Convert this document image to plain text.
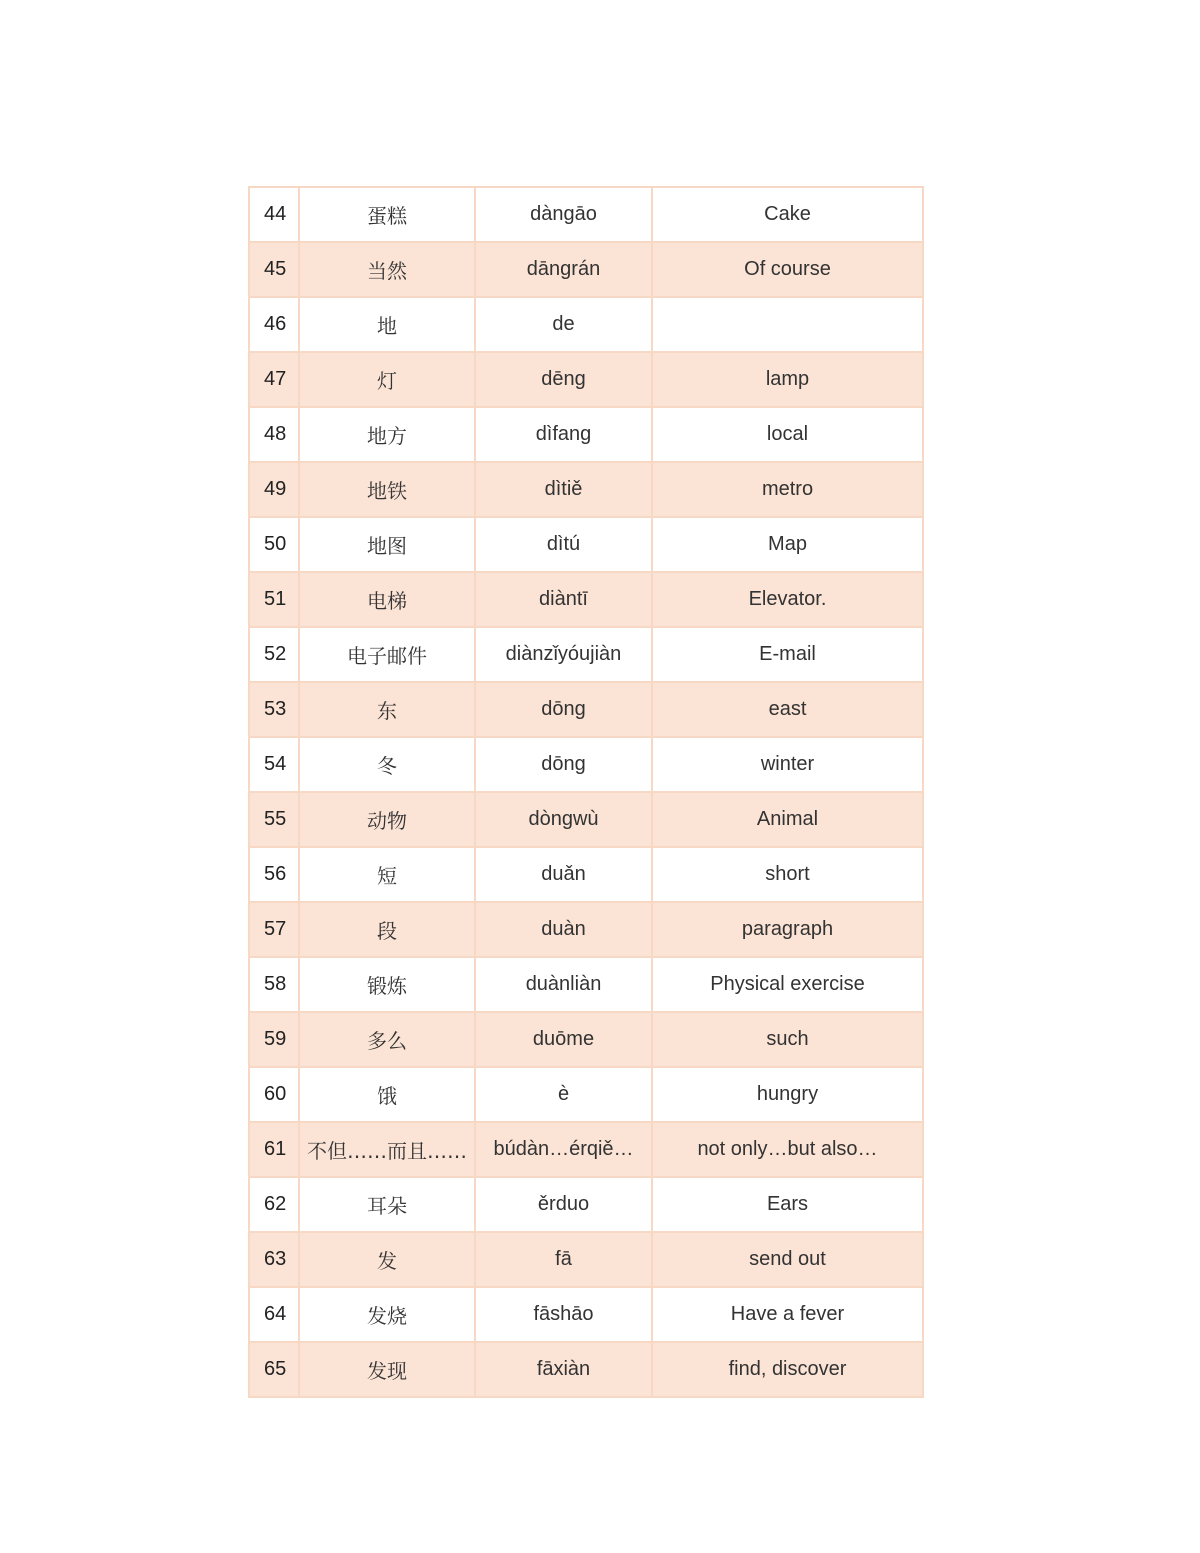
44	蛋糕	dàngāo	Cake
45	当然	dāngrán	Of course
46	地	de	
47	灯	dēng	lamp
48	地方	dìfang	local
49	地铁	dìtiě	metro
50	地图	dìtú	Map
51	电梯	diàntī	Elevator.
52	电子邮件	diànzǐyóujiàn	E-mail
53	东	dōng	east
54	冬	dōng	winter
55	动物	dòngwù	Animal
56	短	duǎn	short
57	段	duàn	paragraph
58	锻炼	duànliàn	Physical exercise
59	多么	duōme	such
60	饿	è	hungry
61	不但……而且……	búdàn…érqiě…	not only…but also…
62	耳朵	ěrduo	Ears
63	发	fā	send out
64	发烧	fāshāo	Have a fever
65	发现	fāxiàn	find, discover
